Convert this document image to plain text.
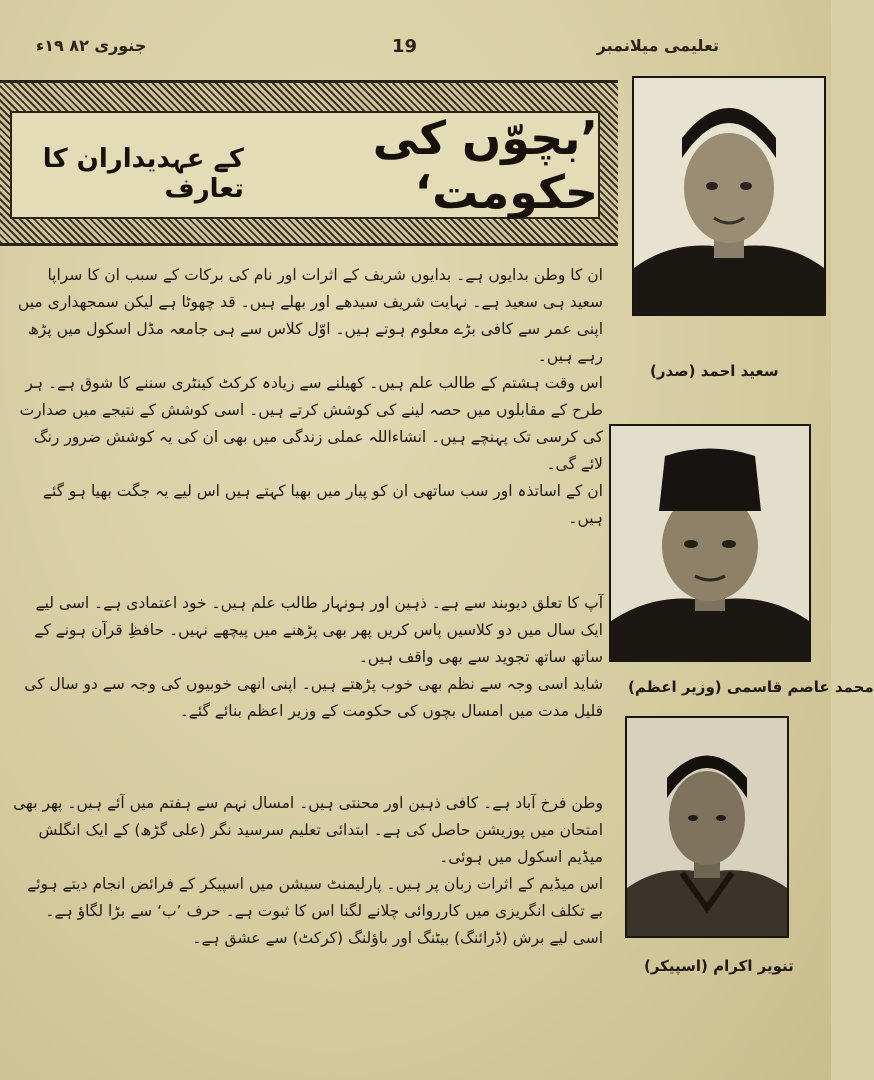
جنوری ۸۲ ۱۹ء	19	تعلیمی میلانمبر
’بچوّں کی حکومت‘
کے عہدیداران کا تعارف
سعید احمد (صدر)
محمد عاصم قاسمی (وزیر اعظم)
تنویر اکرام (اسپیکر)

ان کا وطن بدایوں ہے۔ بدایوں شریف کے اثرات اور نام کی برکات کے سبب ان کا سراپا سعید ہی سعید ہے۔ نہایت شریف سیدھے اور بھلے ہیں۔ قد چھوٹا ہے لیکن سمجھداری میں اپنی عمر سے کافی بڑے معلوم ہوتے ہیں۔ اوّل کلاس سے ہی جامعہ مڈل اسکول میں پڑھ رہے ہیں۔

اس وقت ہشتم کے طالب علم ہیں۔ کھیلنے سے زیادہ کرکٹ کینٹری سننے کا شوق ہے۔ ہر طرح کے مقابلوں میں حصہ لینے کی کوشش کرتے ہیں۔ اسی کوشش کے نتیجے میں صدارت کی کرسی تک پہنچے ہیں۔ انشاءاللہ عملی زندگی میں بھی ان کی یہ کوشش ضرور رنگ لائے گی۔

ان کے اساتذہ اور سب ساتھی ان کو پیار میں بھیا کہتے ہیں اس لیے یہ جگت بھیا ہو گئے ہیں۔

آپ کا تعلق دیوبند سے ہے۔ ذہین اور ہونہار طالب علم ہیں۔ خود اعتمادی ہے۔ اسی لیے ایک سال میں دو کلاسیں پاس کریں پھر بھی پڑھنے میں پیچھے نہیں۔ حافظِ قرآن ہونے کے ساتھ ساتھ تجوید سے بھی واقف ہیں۔

شاید اسی وجہ سے نظم بھی خوب پڑھتے ہیں۔ اپنی انھی خوبیوں کی وجہ سے دو سال کی قلیل مدت میں امسال بچوں کی حکومت کے وزیر اعظم بنائے گئے۔

وطن فرخ آباد ہے۔ کافی ذہین اور محنتی ہیں۔ امسال نہم سے ہفتم میں آئے ہیں۔ پھر بھی امتحان میں پوزیشن حاصل کی ہے۔ ابتدائی تعلیم سرسید نگر (علی گڑھ) کے ایک انگلش میڈیم اسکول میں ہوئی۔

اس میڈیم کے اثرات زبان پر ہیں۔ پارلیمنٹ سیشن میں اسپیکر کے فرائض انجام دیتے ہوئے بے تکلف انگریزی میں کارروائی چلانے لگنا اس کا ثبوت ہے۔ حرف ’ب‘ سے بڑا لگاؤ ہے۔ اسی لیے برش (ڈرائنگ) بیٹنگ اور باؤلنگ (کرکٹ) سے عشق ہے۔
